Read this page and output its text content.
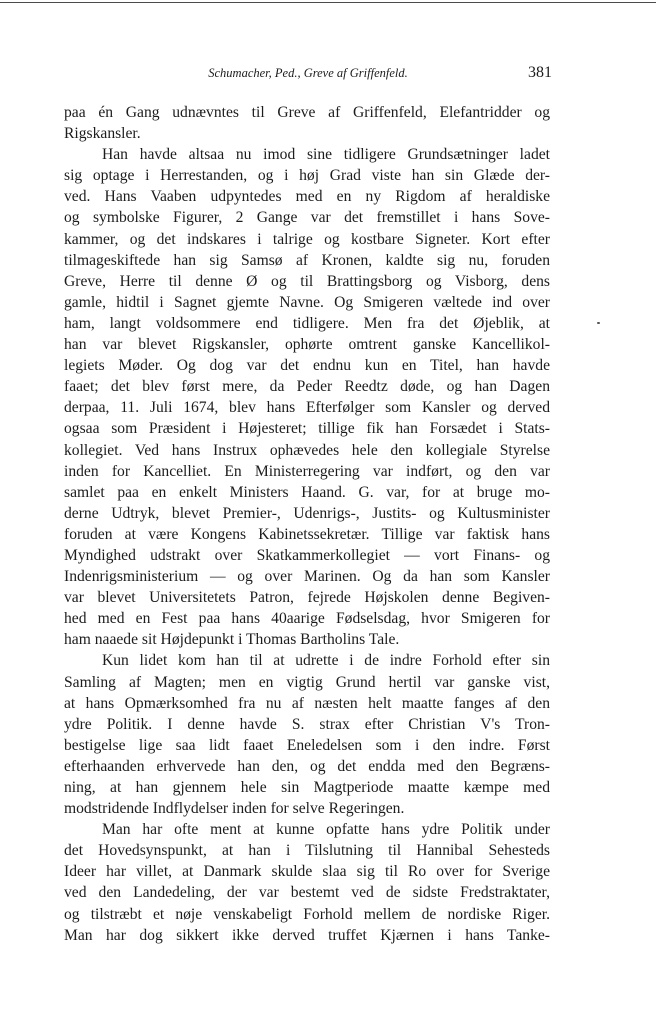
Schumacher, Ped., Greve af Griffenfeld.	381
paa én Gang udnævntes til Greve af Griffenfeld, Elefantridder og
Rigskansler.
Han havde altsaa nu imod sine tidligere Grundsætninger ladet
sig optage i Herrestanden, og i høj Grad viste han sin Glæde der-
ved. Hans Vaaben udpyntedes med en ny Rigdom af heraldiske
og symbolske Figurer, 2 Gange var det fremstillet i hans Sove-
kammer, og det indskares i talrige og kostbare Signeter. Kort efter
tilmageskiftede han sig Samsø af Kronen, kaldte sig nu, foruden
Greve, Herre til denne Ø og til Brattingsborg og Visborg, dens
gamle, hidtil i Sagnet gjemte Navne. Og Smigeren væltede ind over
ham, langt voldsommere end tidligere. Men fra det Øjeblik, at
han var blevet Rigskansler, ophørte omtrent ganske Kancellikol-
legiets Møder. Og dog var det endnu kun en Titel, han havde
faaet; det blev først mere, da Peder Reedtz døde, og han Dagen
derpaa, 11. Juli 1674, blev hans Efterfølger som Kansler og derved
ogsaa som Præsident i Højesteret; tillige fik han Forsædet i Stats-
kollegiet. Ved hans Instrux ophævedes hele den kollegiale Styrelse
inden for Kancelliet. En Ministerregering var indført, og den var
samlet paa en enkelt Ministers Haand. G. var, for at bruge mo-
derne Udtryk, blevet Premier-, Udenrigs-, Justits- og Kultusminister
foruden at være Kongens Kabinetssekretær. Tillige var faktisk hans
Myndighed udstrakt over Skatkammerkollegiet — vort Finans- og
Indenrigsministerium — og over Marinen. Og da han som Kansler
var blevet Universitetets Patron, fejrede Højskolen denne Begiven-
hed med en Fest paa hans 40aarige Fødselsdag, hvor Smigeren for
ham naaede sit Højdepunkt i Thomas Bartholins Tale.
Kun lidet kom han til at udrette i de indre Forhold efter sin
Samling af Magten; men en vigtig Grund hertil var ganske vist,
at hans Opmærksomhed fra nu af næsten helt maatte fanges af den
ydre Politik. I denne havde S. strax efter Christian V's Tron-
bestigelse lige saa lidt faaet Eneledelsen som i den indre. Først
efterhaanden erhvervede han den, og det endda med den Begræns-
ning, at han gjennem hele sin Magtperiode maatte kæmpe med
modstridende Indflydelser inden for selve Regeringen.
Man har ofte ment at kunne opfatte hans ydre Politik under
det Hovedsynspunkt, at han i Tilslutning til Hannibal Sehesteds
Ideer har villet, at Danmark skulde slaa sig til Ro over for Sverige
ved den Landedeling, der var bestemt ved de sidste Fredstraktater,
og tilstræbt et nøje venskabeligt Forhold mellem de nordiske Riger.
Man har dog sikkert ikke derved truffet Kjærnen i hans Tanke-
